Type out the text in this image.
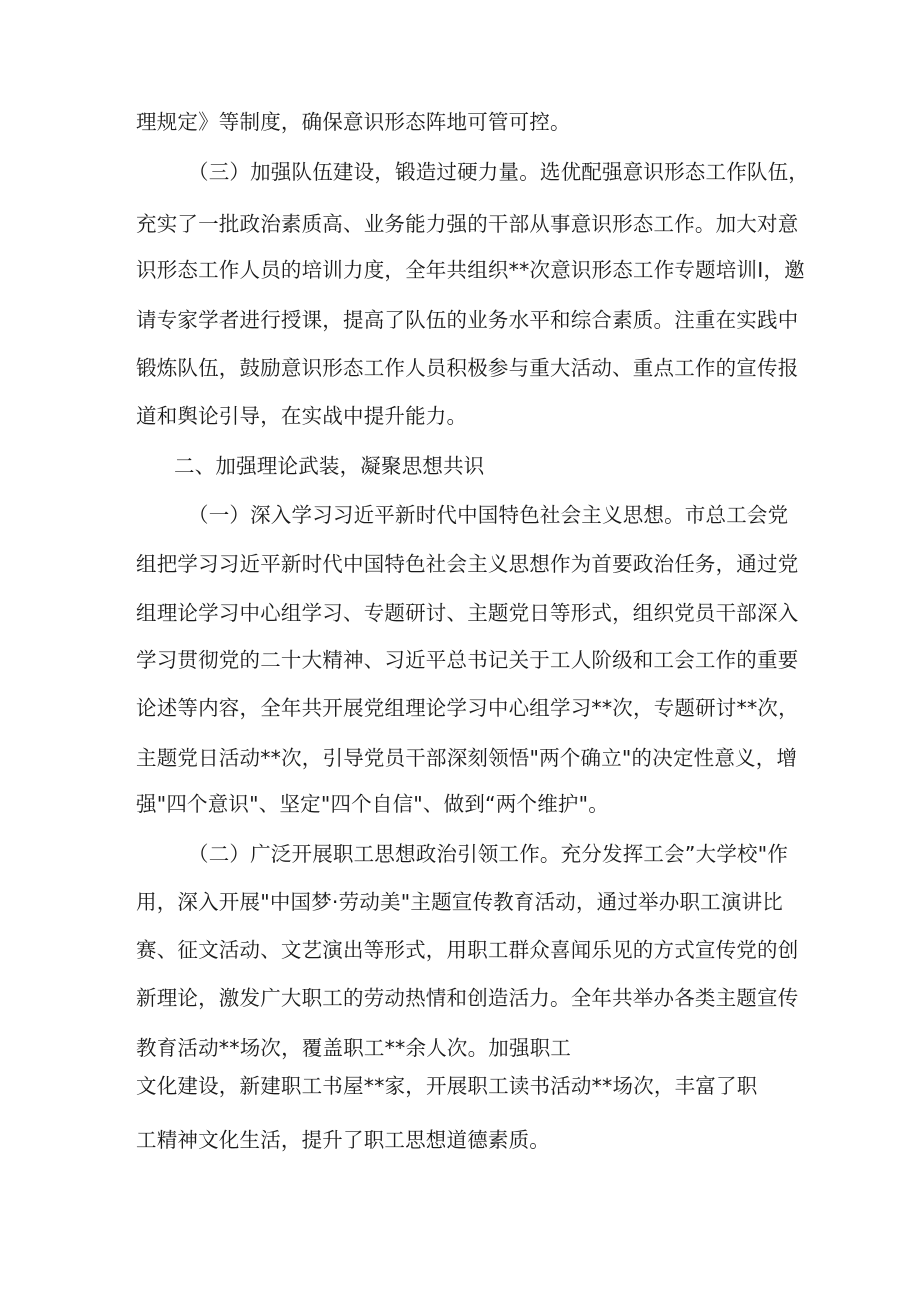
理规定》等制度，确保意识形态阵地可管可控。
（三）加强队伍建设，锻造过硬力量。选优配强意识形态工作队伍，
充实了一批政治素质高、业务能力强的干部从事意识形态工作。加大对意
识形态工作人员的培训力度，全年共组织**次意识形态工作专题培训Ⅰ，邀
请专家学者进行授课，提高了队伍的业务水平和综合素质。注重在实践中
锻炼队伍，鼓励意识形态工作人员积极参与重大活动、重点工作的宣传报
道和舆论引导，在实战中提升能力。
二、加强理论武装，凝聚思想共识
（一）深入学习习近平新时代中国特色社会主义思想。市总工会党
组把学习习近平新时代中国特色社会主义思想作为首要政治任务，通过党
组理论学习中心组学习、专题研讨、主题党日等形式，组织党员干部深入
学习贯彻党的二十大精神、习近平总书记关于工人阶级和工会工作的重要
论述等内容，全年共开展党组理论学习中心组学习**次，专题研讨**次，
主题党日活动**次，引导党员干部深刻领悟"两个确立"的决定性意义，增
强"四个意识"、坚定"四个自信"、做到“两个维护"。
（二）广泛开展职工思想政治引领工作。充分发挥工会”大学校"作
用，深入开展"中国梦·劳动美"主题宣传教育活动，通过举办职工演讲比
赛、征文活动、文艺演出等形式，用职工群众喜闻乐见的方式宣传党的创
新理论，激发广大职工的劳动热情和创造活力。全年共举办各类主题宣传
教育活动**场次，覆盖职工**余人次。加强职工
文化建设，新建职工书屋**家，开展职工读书活动**场次，丰富了职
工精神文化生活，提升了职工思想道德素质。
